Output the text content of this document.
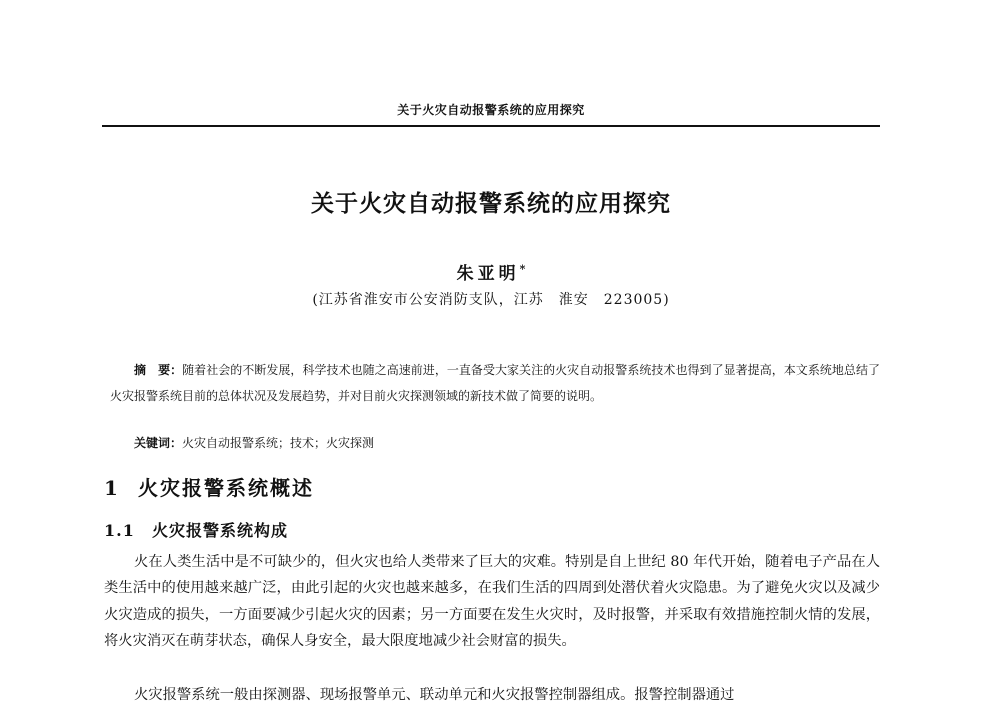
关于火灾自动报警系统的应用探究
关于火灾自动报警系统的应用探究
朱亚明*
(江苏省淮安市公安消防支队，江苏　淮安　223005)
摘　要：随着社会的不断发展，科学技术也随之高速前进，一直备受大家关注的火灾自动报警系统技术也得到了显著提高，本文系统地总结了火灾报警系统目前的总体状况及发展趋势，并对目前火灾探测领域的新技术做了简要的说明。
关键词：火灾自动报警系统；技术；火灾探测
1 火灾报警系统概述
1.1 火灾报警系统构成
火在人类生活中是不可缺少的，但火灾也给人类带来了巨大的灾难。特别是自上世纪 80 年代开始，随着电子产品在人类生活中的使用越来越广泛，由此引起的火灾也越来越多，在我们生活的四周到处潜伏着火灾隐患。为了避免火灾以及减少火灾造成的损失，一方面要减少引起火灾的因素；另一方面要在发生火灾时，及时报警，并采取有效措施控制火情的发展，将火灾消灭在萌芽状态，确保人身安全，最大限度地减少社会财富的损失。
火灾报警系统一般由探测器、现场报警单元、联动单元和火灾报警控制器组成。报警控制器通过
